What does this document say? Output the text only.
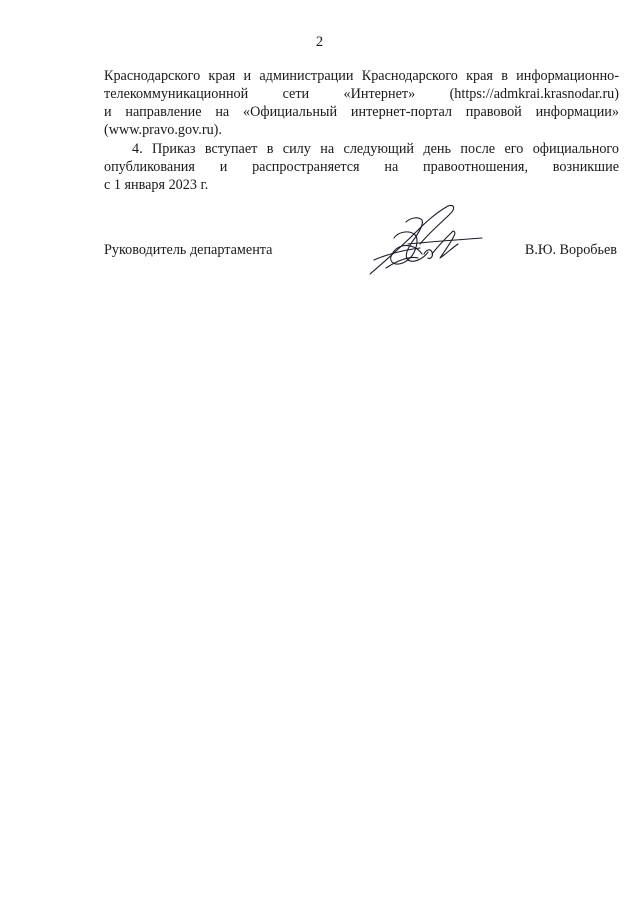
2
Краснодарского края и администрации Краснодарского края в информационно-
телекоммуникационной сети «Интернет» (https://admkrai.krasnodar.ru)
и направление на «Официальный интернет-портал правовой информации»
(www.pravo.gov.ru).
4. Приказ вступает в силу на следующий день после его официального
опубликования и распространяется на правоотношения, возникшие
с 1 января 2023 г.
Руководитель департамента	В.Ю. Воробьев
